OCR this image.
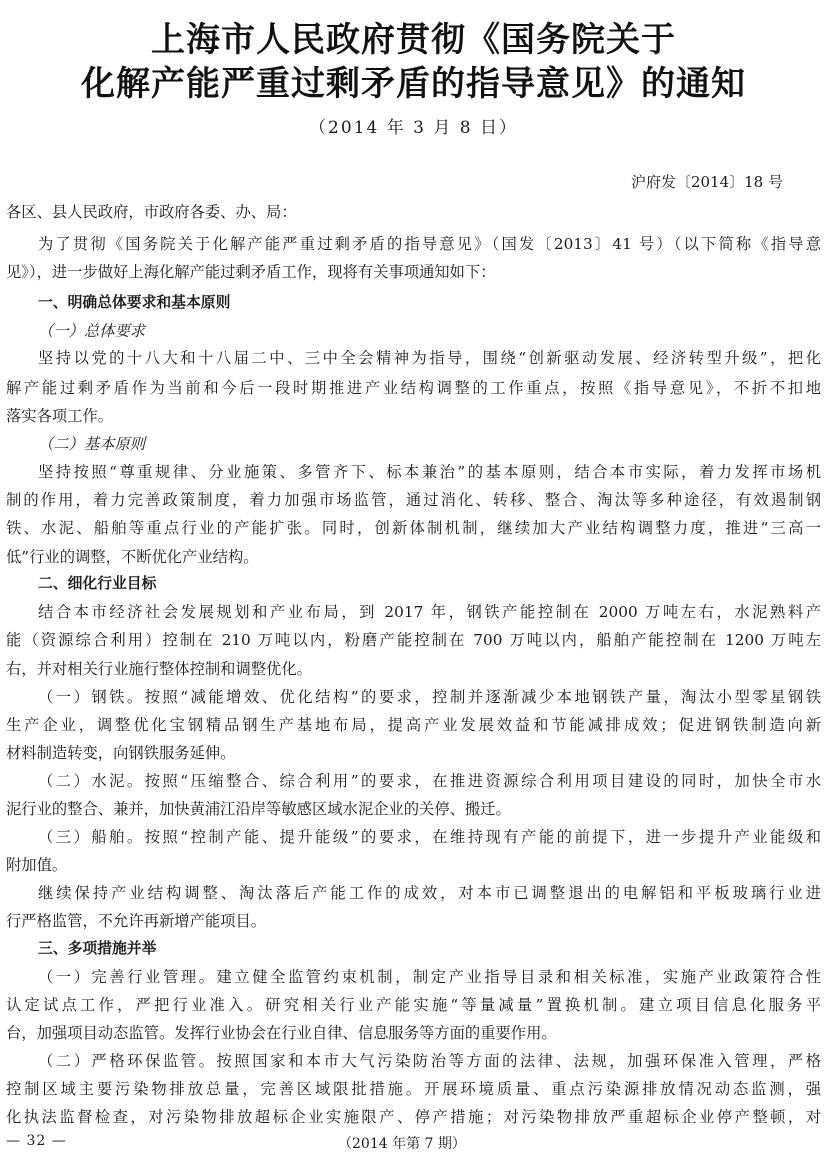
上海市人民政府贯彻《国务院关于
化解产能严重过剩矛盾的指导意见》的通知
（2014 年 3 月 8 日）
沪府发〔2014〕18 号
各区、县人民政府，市政府各委、办、局：
为了贯彻《国务院关于化解产能严重过剩矛盾的指导意见》（国发〔2013〕41 号）（以下简称《指导意
见》），进一步做好上海化解产能过剩矛盾工作，现将有关事项通知如下：
一、明确总体要求和基本原则
（一）总体要求
坚持以党的十八大和十八届二中、三中全会精神为指导，围绕“创新驱动发展、经济转型升级”，把化
解产能过剩矛盾作为当前和今后一段时期推进产业结构调整的工作重点，按照《指导意见》，不折不扣地
落实各项工作。
（二）基本原则
坚持按照“尊重规律、分业施策、多管齐下、标本兼治”的基本原则，结合本市实际，着力发挥市场机
制的作用，着力完善政策制度，着力加强市场监管，通过消化、转移、整合、淘汰等多种途径，有效遏制钢
铁、水泥、船舶等重点行业的产能扩张。同时，创新体制机制，继续加大产业结构调整力度，推进“三高一
低”行业的调整，不断优化产业结构。
二、细化行业目标
结合本市经济社会发展规划和产业布局，到 2017 年，钢铁产能控制在 2000 万吨左右，水泥熟料产
能（资源综合利用）控制在 210 万吨以内，粉磨产能控制在 700 万吨以内，船舶产能控制在 1200 万吨左
右，并对相关行业施行整体控制和调整优化。
（一）钢铁。按照“减能增效、优化结构”的要求，控制并逐渐减少本地钢铁产量，淘汰小型零星钢铁
生产企业，调整优化宝钢精品钢生产基地布局，提高产业发展效益和节能减排成效；促进钢铁制造向新
材料制造转变，向钢铁服务延伸。
（二）水泥。按照“压缩整合、综合利用”的要求，在推进资源综合利用项目建设的同时，加快全市水
泥行业的整合、兼并，加快黄浦江沿岸等敏感区域水泥企业的关停、搬迁。
（三）船舶。按照“控制产能、提升能级”的要求，在维持现有产能的前提下，进一步提升产业能级和
附加值。
继续保持产业结构调整、淘汰落后产能工作的成效，对本市已调整退出的电解铝和平板玻璃行业进
行严格监管，不允许再新增产能项目。
三、多项措施并举
（一）完善行业管理。建立健全监管约束机制，制定产业指导目录和相关标准，实施产业政策符合性
认定试点工作，严把行业准入。研究相关行业产能实施“等量减量”置换机制。建立项目信息化服务平
台，加强项目动态监管。发挥行业协会在行业自律、信息服务等方面的重要作用。
（二）严格环保监管。按照国家和本市大气污染防治等方面的法律、法规，加强环保准入管理，严格
控制区域主要污染物排放总量，完善区域限批措施。开展环境质量、重点污染源排放情况动态监测，强
化执法监督检查，对污染物排放超标企业实施限产、停产措施；对污染物排放严重超标企业停产整顿，对
— 32 —	（2014 年第 7 期）
